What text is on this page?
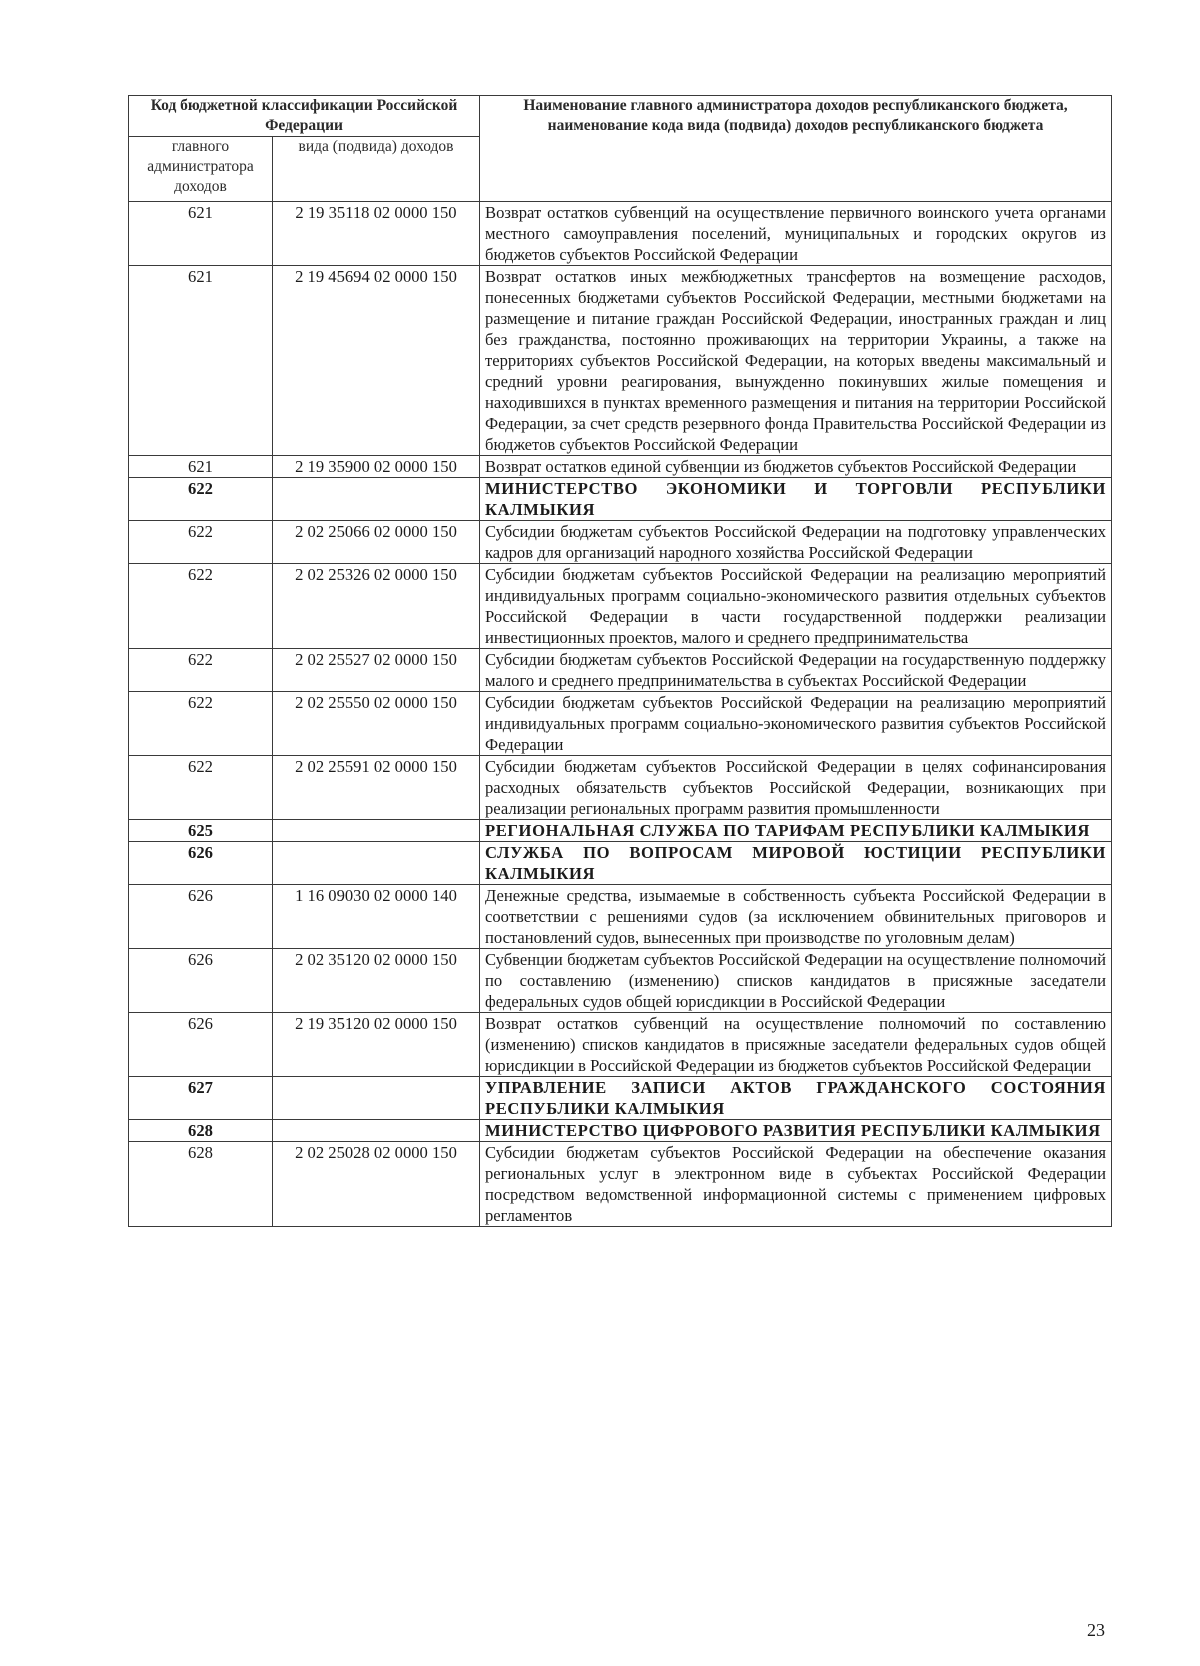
Код бюджетной классификации Российской Федерации		Наименование главного администратора доходов республиканского бюджета, наименование кода вида (подвида) доходов республиканского бюджета
главного администратора доходов	вида (подвида) доходов	
621	2 19 35118 02 0000 150	Возврат остатков субвенций на осуществление первичного воинского учета органами местного самоуправления поселений, муниципальных и городских округов из бюджетов субъектов Российской Федерации
621	2 19 45694 02 0000 150	Возврат остатков иных межбюджетных трансфертов на возмещение расходов, понесенных бюджетами субъектов Российской Федерации, местными бюджетами на размещение и питание граждан Российской Федерации, иностранных граждан и лиц без гражданства, постоянно проживающих на территории Украины, а также на территориях субъектов Российской Федерации, на которых введены максимальный и средний уровни реагирования, вынужденно покинувших жилые помещения и находившихся в пунктах временного размещения и питания на территории Российской Федерации, за счет средств резервного фонда Правительства Российской Федерации из бюджетов субъектов Российской Федерации
621	2 19 35900 02 0000 150	Возврат остатков единой субвенции из бюджетов субъектов Российской Федерации
622		МИНИСТЕРСТВО ЭКОНОМИКИ И ТОРГОВЛИ РЕСПУБЛИКИ КАЛМЫКИЯ
622	2 02 25066 02 0000 150	Субсидии бюджетам субъектов Российской Федерации на подготовку управленческих кадров для организаций народного хозяйства Российской Федерации
622	2 02 25326 02 0000 150	Субсидии бюджетам субъектов Российской Федерации на реализацию мероприятий индивидуальных программ социально-экономического развития отдельных субъектов Российской Федерации в части государственной поддержки реализации инвестиционных проектов, малого и среднего предпринимательства
622	2 02 25527 02 0000 150	Субсидии бюджетам субъектов Российской Федерации на государственную поддержку малого и среднего предпринимательства в субъектах Российской Федерации
622	2 02 25550 02 0000 150	Субсидии бюджетам субъектов Российской Федерации на реализацию мероприятий индивидуальных программ социально-экономического развития субъектов Российской Федерации
622	2 02 25591 02 0000 150	Субсидии бюджетам субъектов Российской Федерации в целях софинансирования расходных обязательств субъектов Российской Федерации, возникающих при реализации региональных программ развития промышленности
625		РЕГИОНАЛЬНАЯ СЛУЖБА ПО ТАРИФАМ РЕСПУБЛИКИ КАЛМЫКИЯ
626		СЛУЖБА ПО ВОПРОСАМ МИРОВОЙ ЮСТИЦИИ РЕСПУБЛИКИ КАЛМЫКИЯ
626	1 16 09030 02 0000 140	Денежные средства, изымаемые в собственность субъекта Российской Федерации в соответствии с решениями судов (за исключением обвинительных приговоров и постановлений судов, вынесенных при производстве по уголовным делам)
626	2 02 35120 02 0000 150	Субвенции бюджетам субъектов Российской Федерации на осуществление полномочий по составлению (изменению) списков кандидатов в присяжные заседатели федеральных судов общей юрисдикции в Российской Федерации
626	2 19 35120 02 0000 150	Возврат остатков субвенций на осуществление полномочий по составлению (изменению) списков кандидатов в присяжные заседатели федеральных судов общей юрисдикции в Российской Федерации из бюджетов субъектов Российской Федерации
627		УПРАВЛЕНИЕ ЗАПИСИ АКТОВ ГРАЖДАНСКОГО СОСТОЯНИЯ РЕСПУБЛИКИ КАЛМЫКИЯ
628		МИНИСТЕРСТВО ЦИФРОВОГО РАЗВИТИЯ РЕСПУБЛИКИ КАЛМЫКИЯ
628	2 02 25028 02 0000 150	Субсидии бюджетам субъектов Российской Федерации на обеспечение оказания региональных услуг в электронном виде в субъектах Российской Федерации посредством ведомственной информационной системы с применением цифровых регламентов
23
